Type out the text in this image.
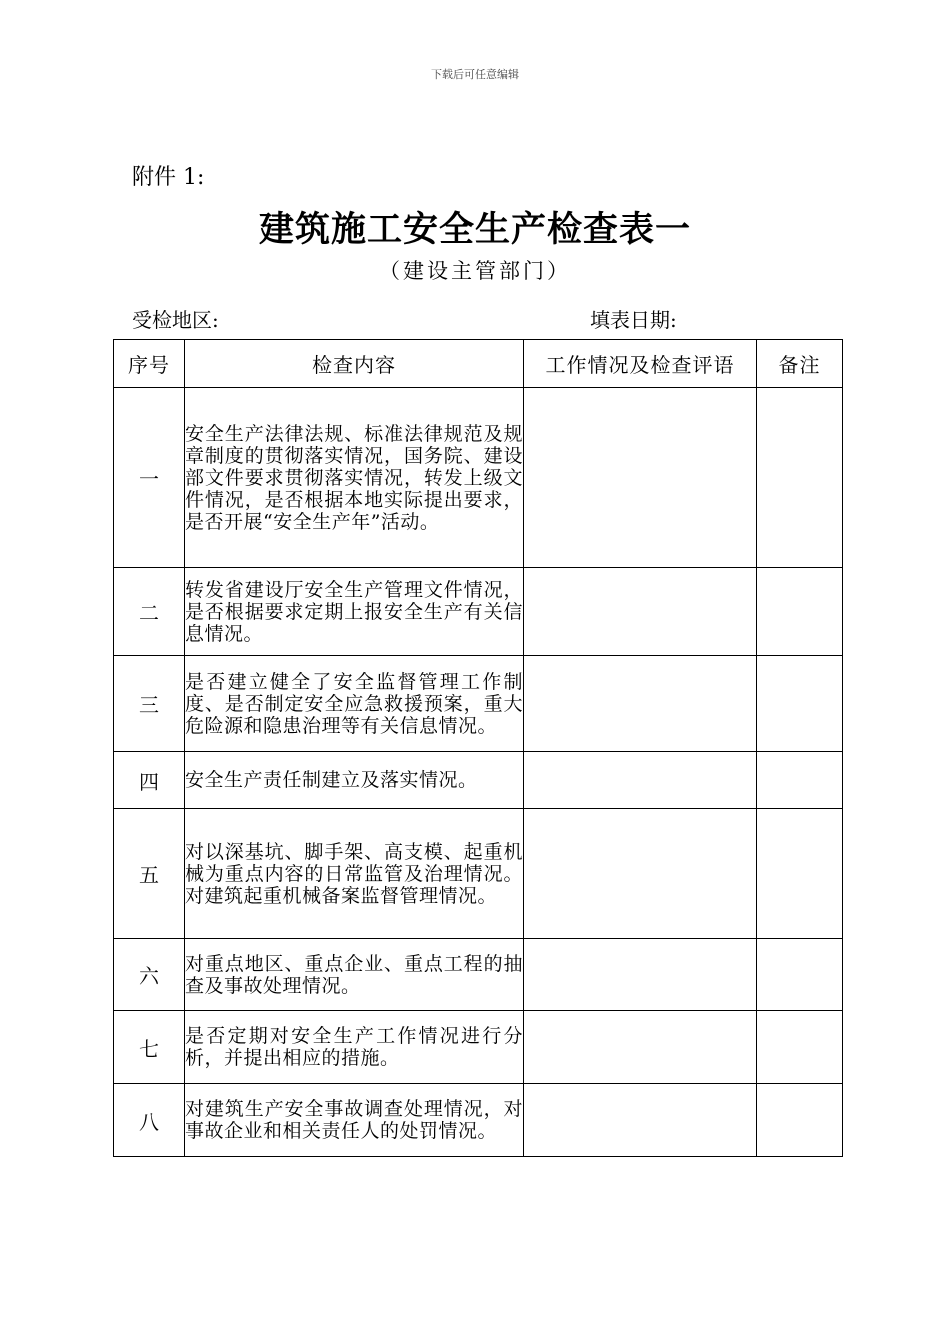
下载后可任意编辑
附件 1:
建筑施工安全生产检查表一
（建设主管部门）
受检地区:	填表日期:
序号	检查内容	工作情况及检查评语	备注
一	安全生产法律法规、标准法律规范及规章制度的贯彻落实情况，国务院、建设部文件要求贯彻落实情况，转发上级文件情况，是否根据本地实际提出要求，是否开展“安全生产年”活动。		
二	转发省建设厅安全生产管理文件情况，是否根据要求定期上报安全生产有关信息情况。		
三	是否建立健全了安全监督管理工作制度、是否制定安全应急救援预案，重大危险源和隐患治理等有关信息情况。		
四	安全生产责任制建立及落实情况。		
五	对以深基坑、脚手架、高支模、起重机械为重点内容的日常监管及治理情况。对建筑起重机械备案监督管理情况。		
六	对重点地区、重点企业、重点工程的抽查及事故处理情况。		
七	是否定期对安全生产工作情况进行分析，并提出相应的措施。		
八	对建筑生产安全事故调查处理情况，对事故企业和相关责任人的处罚情况。		
